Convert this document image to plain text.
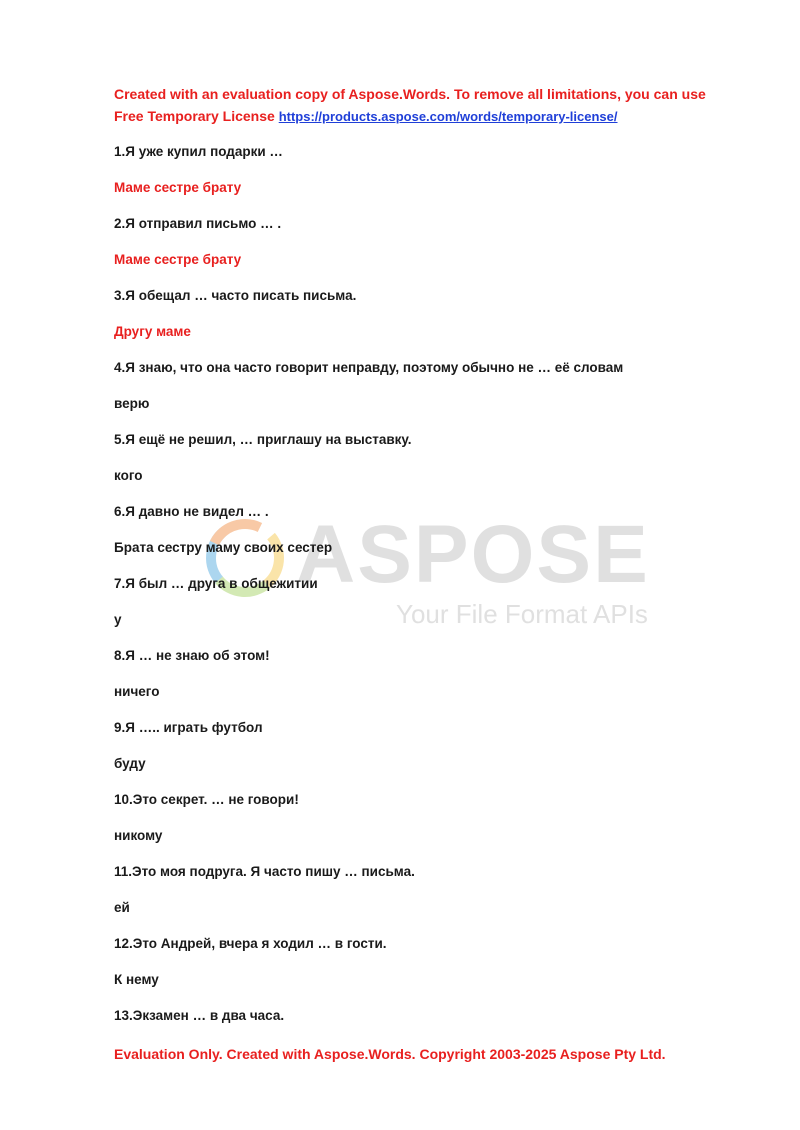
Created with an evaluation copy of Aspose.Words. To remove all limitations, you can use
Free Temporary License https://products.aspose.com/words/temporary-license/
ASPOSE
Your File Format APIs
1.Я уже купил подарки …
Маме сестре брату
2.Я отправил письмо … .
Маме сестре брату
3.Я обещал … часто писать письма.
Другу маме
4.Я знаю, что она часто говорит неправду, поэтому обычно не … её словам
верю
5.Я ещё не решил, … приглашу на выставку.
кого
6.Я давно не видел … .
Брата сестру маму своих сестер
7.Я был … друга в общежитии
у
8.Я … не знаю об этом!
ничего
9.Я ….. играть футбол
буду
10.Это секрет. … не говори!
никому
11.Это моя подруга. Я часто пишу … письма.
ей
12.Это Андрей, вчера я ходил … в гости.
К нему
13.Экзамен … в два часа.
Evaluation Only. Created with Aspose.Words. Copyright 2003-2025 Aspose Pty Ltd.
